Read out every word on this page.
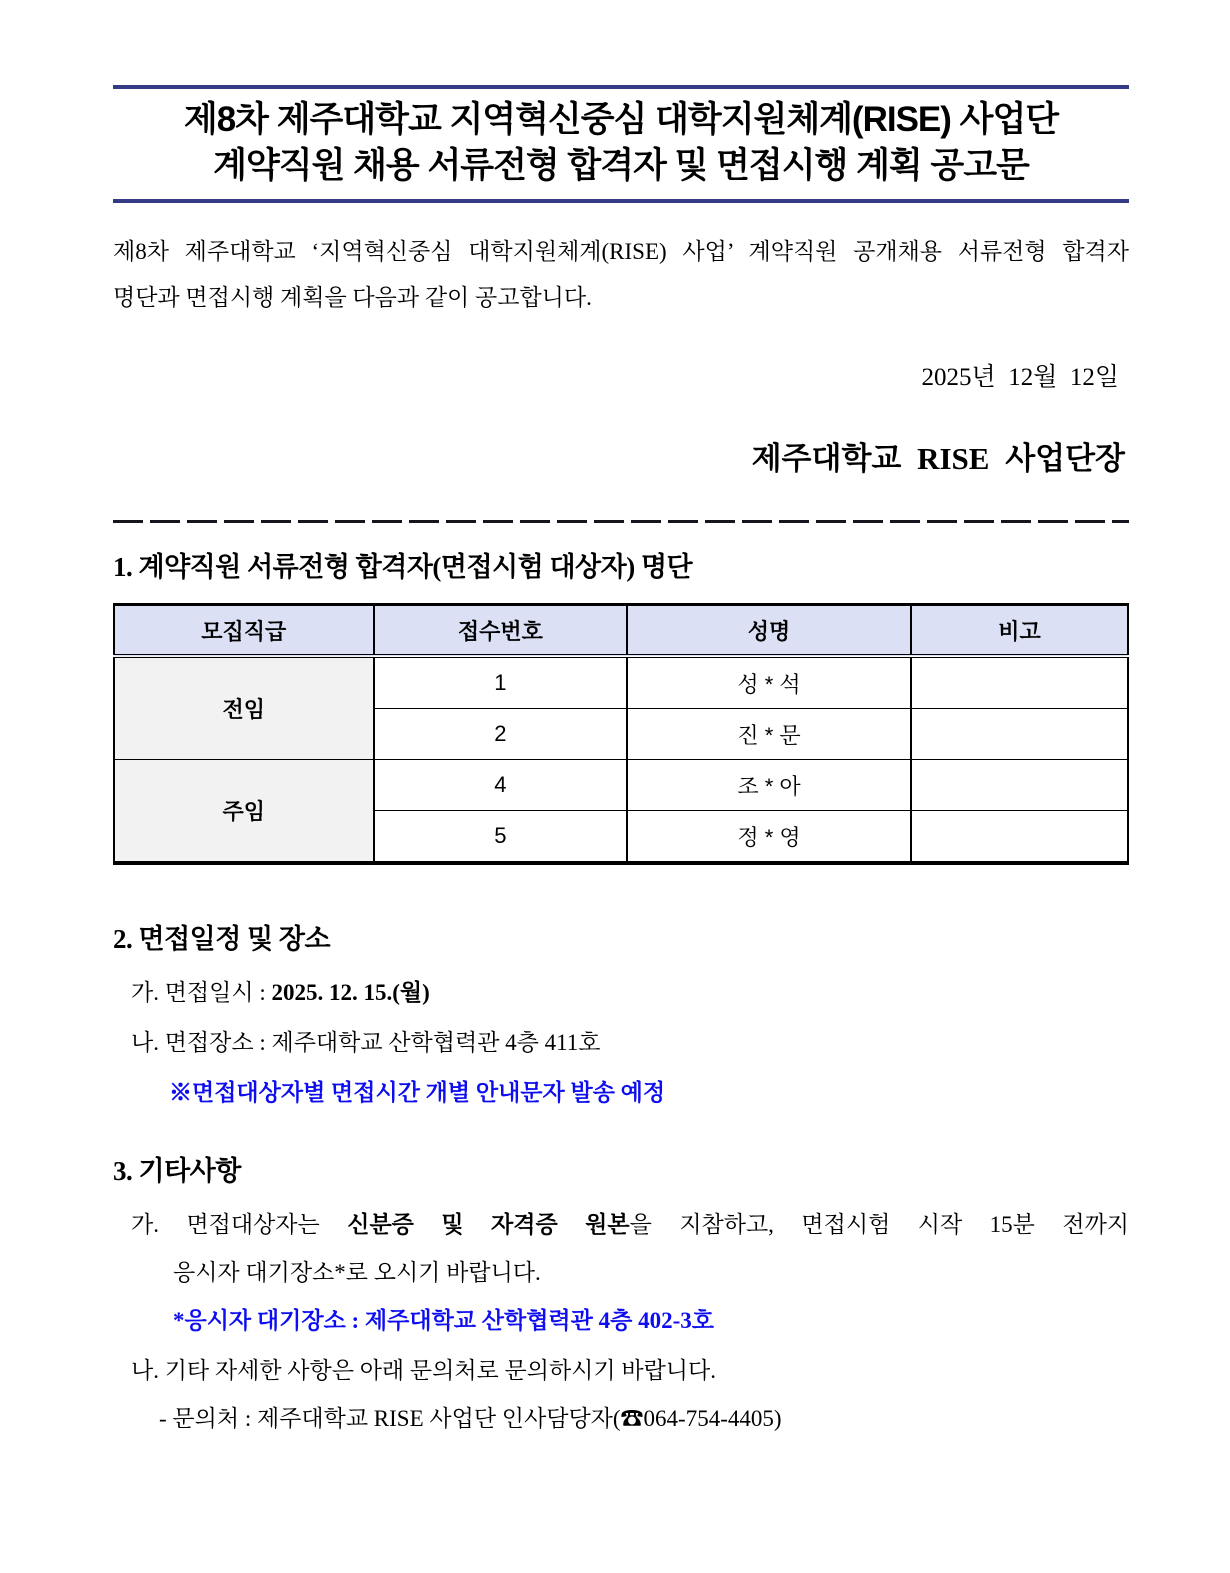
제8차 제주대학교 지역혁신중심 대학지원체계(RISE) 사업단
계약직원 채용 서류전형 합격자 및 면접시행 계획 공고문
제8차 제주대학교 ‘지역혁신중심 대학지원체계(RISE) 사업’ 계약직원 공개채용 서류전형 합격자
명단과 면접시행 계획을 다음과 같이 공고합니다.
2025년  12월  12일
제주대학교 RISE 사업단장
1. 계약직원 서류전형 합격자(면접시험 대상자) 명단
모집직급	접수번호	성명	비고
전임	1	성 * 석	
	2	진 * 문	
주임	4	조 * 아	
	5	정 * 영	
2. 면접일정 및 장소
가. 면접일시 : 2025. 12. 15.(월)
나. 면접장소 : 제주대학교 산학협력관 4층 411호
※면접대상자별 면접시간 개별 안내문자 발송 예정
3. 기타사항
가. 면접대상자는 신분증 및 자격증 원본을 지참하고, 면접시험 시작 15분 전까지
응시자 대기장소*로 오시기 바랍니다.
*응시자 대기장소 : 제주대학교 산학협력관 4층 402-3호
나. 기타 자세한 사항은 아래 문의처로 문의하시기 바랍니다.
- 문의처 : 제주대학교 RISE 사업단 인사담당자(☎064-754-4405)
